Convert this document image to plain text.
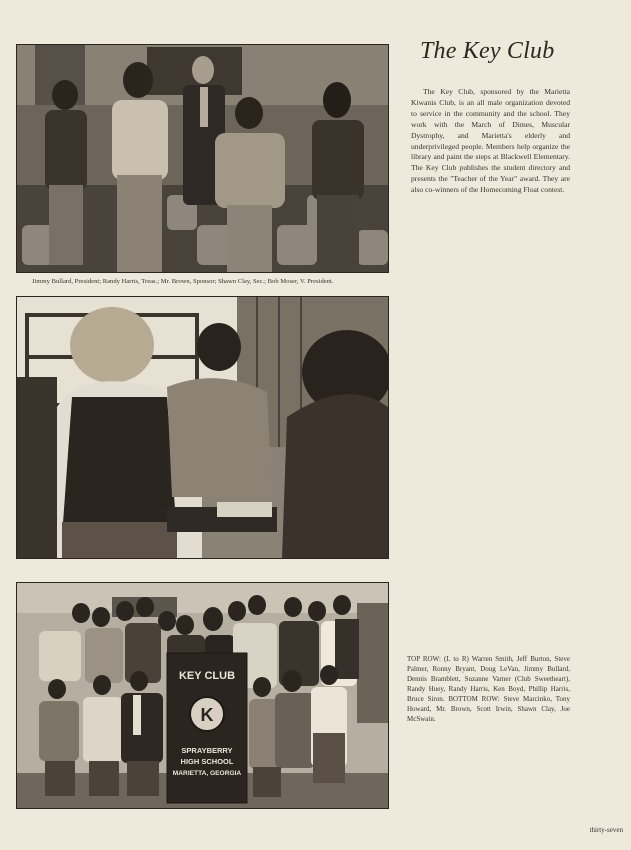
Jimmy Bullard, President; Randy Harris, Treas.; Mr. Brown, Sponsor; Shawn Clay, Sec.; Bob Moser, V. President.
K
KEY CLUB
SPRAYBERRY
HIGH SCHOOL
MARIETTA, GEORGIA
The Key Club
The Key Club, sponsored by the Marietta Kiwanis Club, is an all male organization devoted to service in the community and the school. They work with the March of Dimes, Muscular Dystrophy, and Marietta's elderly and underprivileged people. Members help organize the library and paint the steps at Blackwell Elementary. The Key Club publishes the student directory and presents the "Teacher of the Year" award. They are also co-winners of the Homecoming Float contest.
TOP ROW: (L to R) Warren Smith, Jeff Burton, Steve Palmer, Ronny Bryant, Doug LeVan, Jimmy Bullard, Dennis Bramblett, Suzanne Varner (Club Sweetheart), Randy Huey, Randy Harris, Ken Boyd, Phillip Harris, Bruce Siron. BOTTOM ROW: Steve Marcinko, Tony Howard, Mr. Brown, Scott Irwin, Shawn Clay, Joe McSwain.
thirty-seven
